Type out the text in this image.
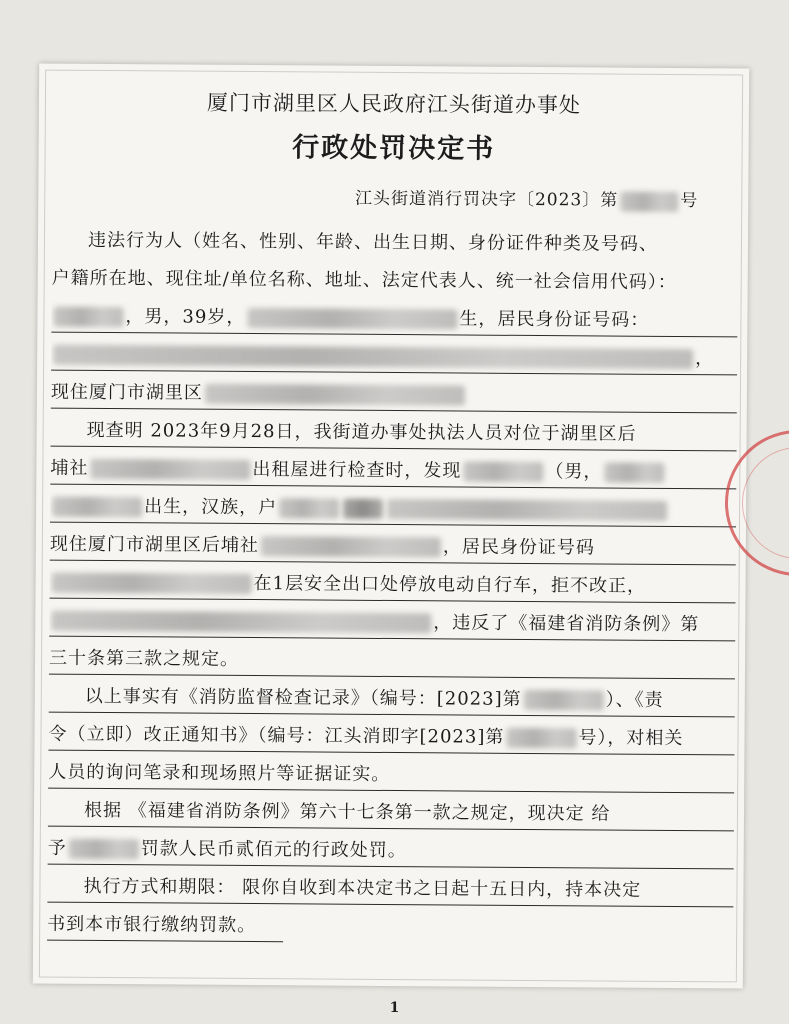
厦门市湖里区人民政府江头街道办事处
行政处罚决定书
江头街道消行罚决字〔2023〕第	号
违法行为人（姓名、性别、年龄、出生日期、身份证件种类及号码、
户籍所在地、现住址/单位名称、地址、法定代表人、统一社会信用代码）：
，男，39岁，	生，居民身份证号码：
，
现住厦门市湖里区
现查明 2023年9月28日，我街道办事处执法人员对位于湖里区后
埔社	出租屋进行检查时，发现	（男，
出生，汉族，户
现住厦门市湖里区后埔社	，居民身份证号码
在1层安全出口处停放电动自行车，拒不改正，
，违反了《福建省消防条例》第
三十条第三款之规定。
以上事实有《消防监督检查记录》（编号：[2023]第	）、《责
令（立即）改正通知书》（编号：江头消即字[2023]第	号），对相关
人员的询问笔录和现场照片等证据证实。
根据 《福建省消防条例》第六十七条第一款之规定，现决定 给
予	罚款人民币贰佰元的行政处罚。
执行方式和期限： 限你自收到本决定书之日起十五日内，持本决定
书到本市银行缴纳罚款。
1
